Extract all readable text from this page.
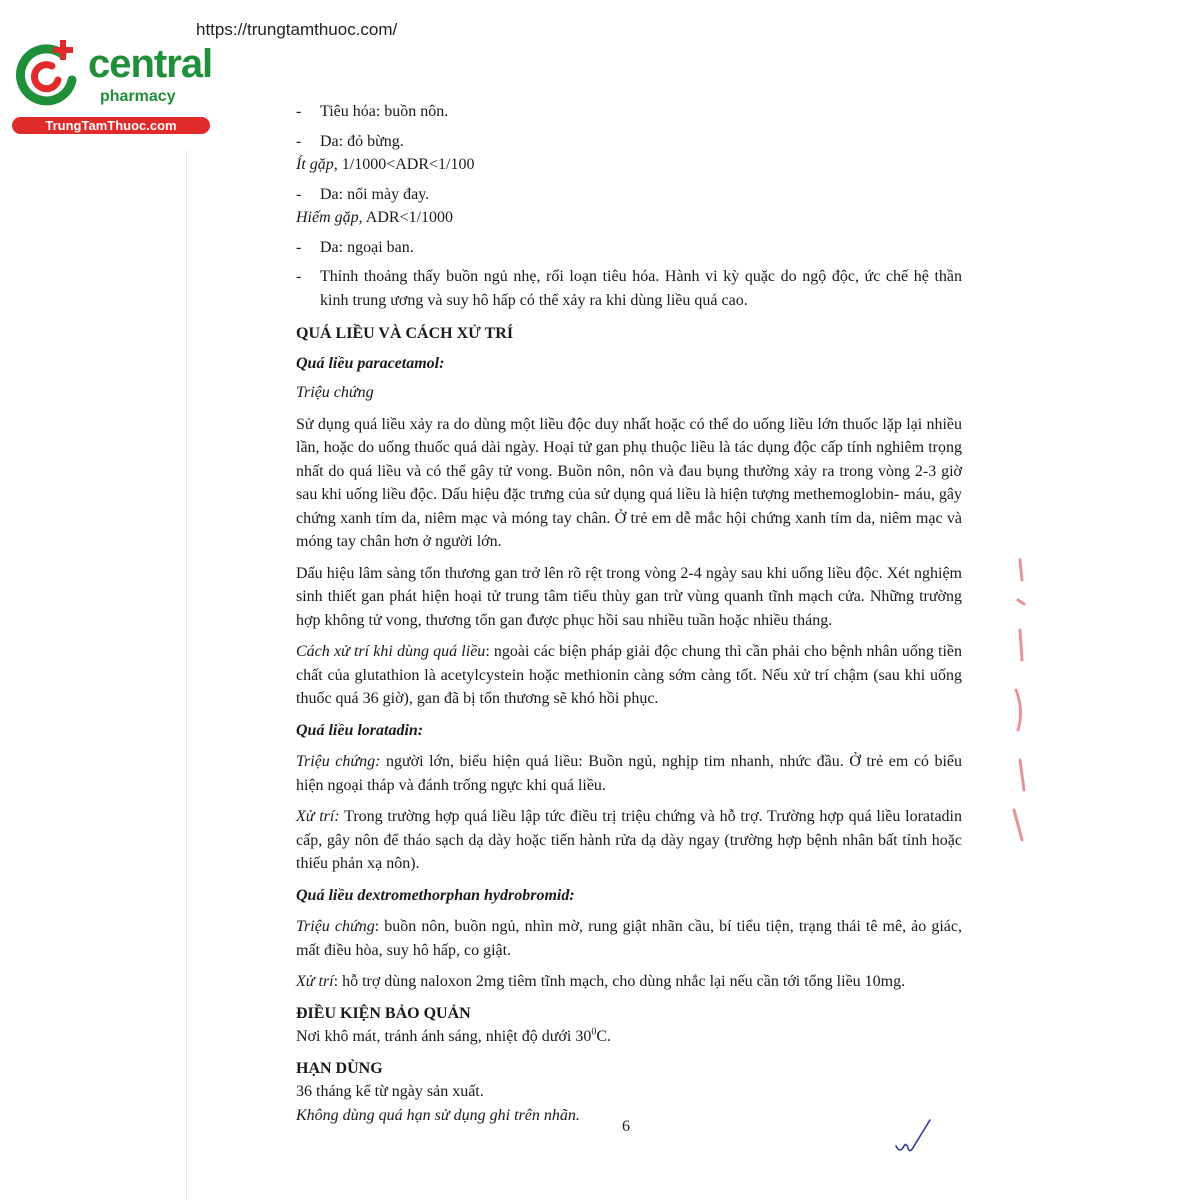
https://trungtamthuoc.com/
central
pharmacy
TrungTamThuoc.com
-	Tiêu hóa: buồn nôn.
-	Da: đỏ bừng.
Ít gặp, 1/1000<ADR<1/100
-	Da: nổi mày đay.
Hiếm gặp, ADR<1/1000
-	Da: ngoại ban.
-	Thỉnh thoảng thấy buồn ngủ nhẹ, rối loạn tiêu hóa. Hành vi kỳ quặc do ngộ độc, ức chế hệ thần kinh trung ương và suy hô hấp có thể xảy ra khi dùng liều quá cao.
QUÁ LIỀU VÀ CÁCH XỬ TRÍ
Quá liều paracetamol:
Triệu chứng

Sử dụng quá liều xảy ra do dùng một liều độc duy nhất hoặc có thể do uống liều lớn thuốc lặp lại nhiều lần, hoặc do uống thuốc quá dài ngày. Hoại tử gan phụ thuộc liều là tác dụng độc cấp tính nghiêm trọng nhất do quá liều và có thể gây tử vong. Buồn nôn, nôn và đau bụng thường xảy ra trong vòng 2-3 giờ sau khi uống liều độc. Dấu hiệu đặc trưng của sử dụng quá liều là hiện tượng methemoglobin- máu, gây chứng xanh tím da, niêm mạc và móng tay chân. Ở trẻ em dễ mắc hội chứng xanh tím da, niêm mạc và móng tay chân hơn ở người lớn.

Dấu hiệu lâm sàng tổn thương gan trở lên rõ rệt trong vòng 2-4 ngày sau khi uống liều độc. Xét nghiệm sinh thiết gan phát hiện hoại tử trung tâm tiểu thùy gan trừ vùng quanh tĩnh mạch cửa. Những trường hợp không tử vong, thương tổn gan được phục hồi sau nhiều tuần hoặc nhiều tháng.

Cách xử trí khi dùng quá liều: ngoài các biện pháp giải độc chung thì cần phải cho bệnh nhân uống tiền chất của glutathion là acetylcystein hoặc methionin càng sớm càng tốt. Nếu xử trí chậm (sau khi uống thuốc quá 36 giờ), gan đã bị tổn thương sẽ khó hồi phục.

Quá liều loratadin:

Triệu chứng: người lớn, biểu hiện quá liều: Buồn ngủ, nghịp tim nhanh, nhức đầu. Ở trẻ em có biểu hiện ngoại tháp và đánh trống ngực khi quá liều.

Xử trí: Trong trường hợp quá liều lập tức điều trị triệu chứng và hỗ trợ. Trường hợp quá liều loratadin cấp, gây nôn để tháo sạch dạ dày hoặc tiến hành rửa dạ dày ngay (trường hợp bệnh nhân bất tỉnh hoặc thiếu phản xạ nôn).

Quá liều dextromethorphan hydrobromid:

Triệu chứng: buồn nôn, buồn ngủ, nhìn mờ, rung giật nhãn cầu, bí tiểu tiện, trạng thái tê mê, ảo giác, mất điều hòa, suy hô hấp, co giật.

Xử trí: hỗ trợ dùng naloxon 2mg tiêm tĩnh mạch, cho dùng nhắc lại nếu cần tới tổng liều 10mg.

ĐIỀU KIỆN BẢO QUẢN
Nơi khô mát, tránh ánh sáng, nhiệt độ dưới $30^0C$.
HẠN DÙNG
36 tháng kể từ ngày sản xuất.
Không dùng quá hạn sử dụng ghi trên nhãn.
6
